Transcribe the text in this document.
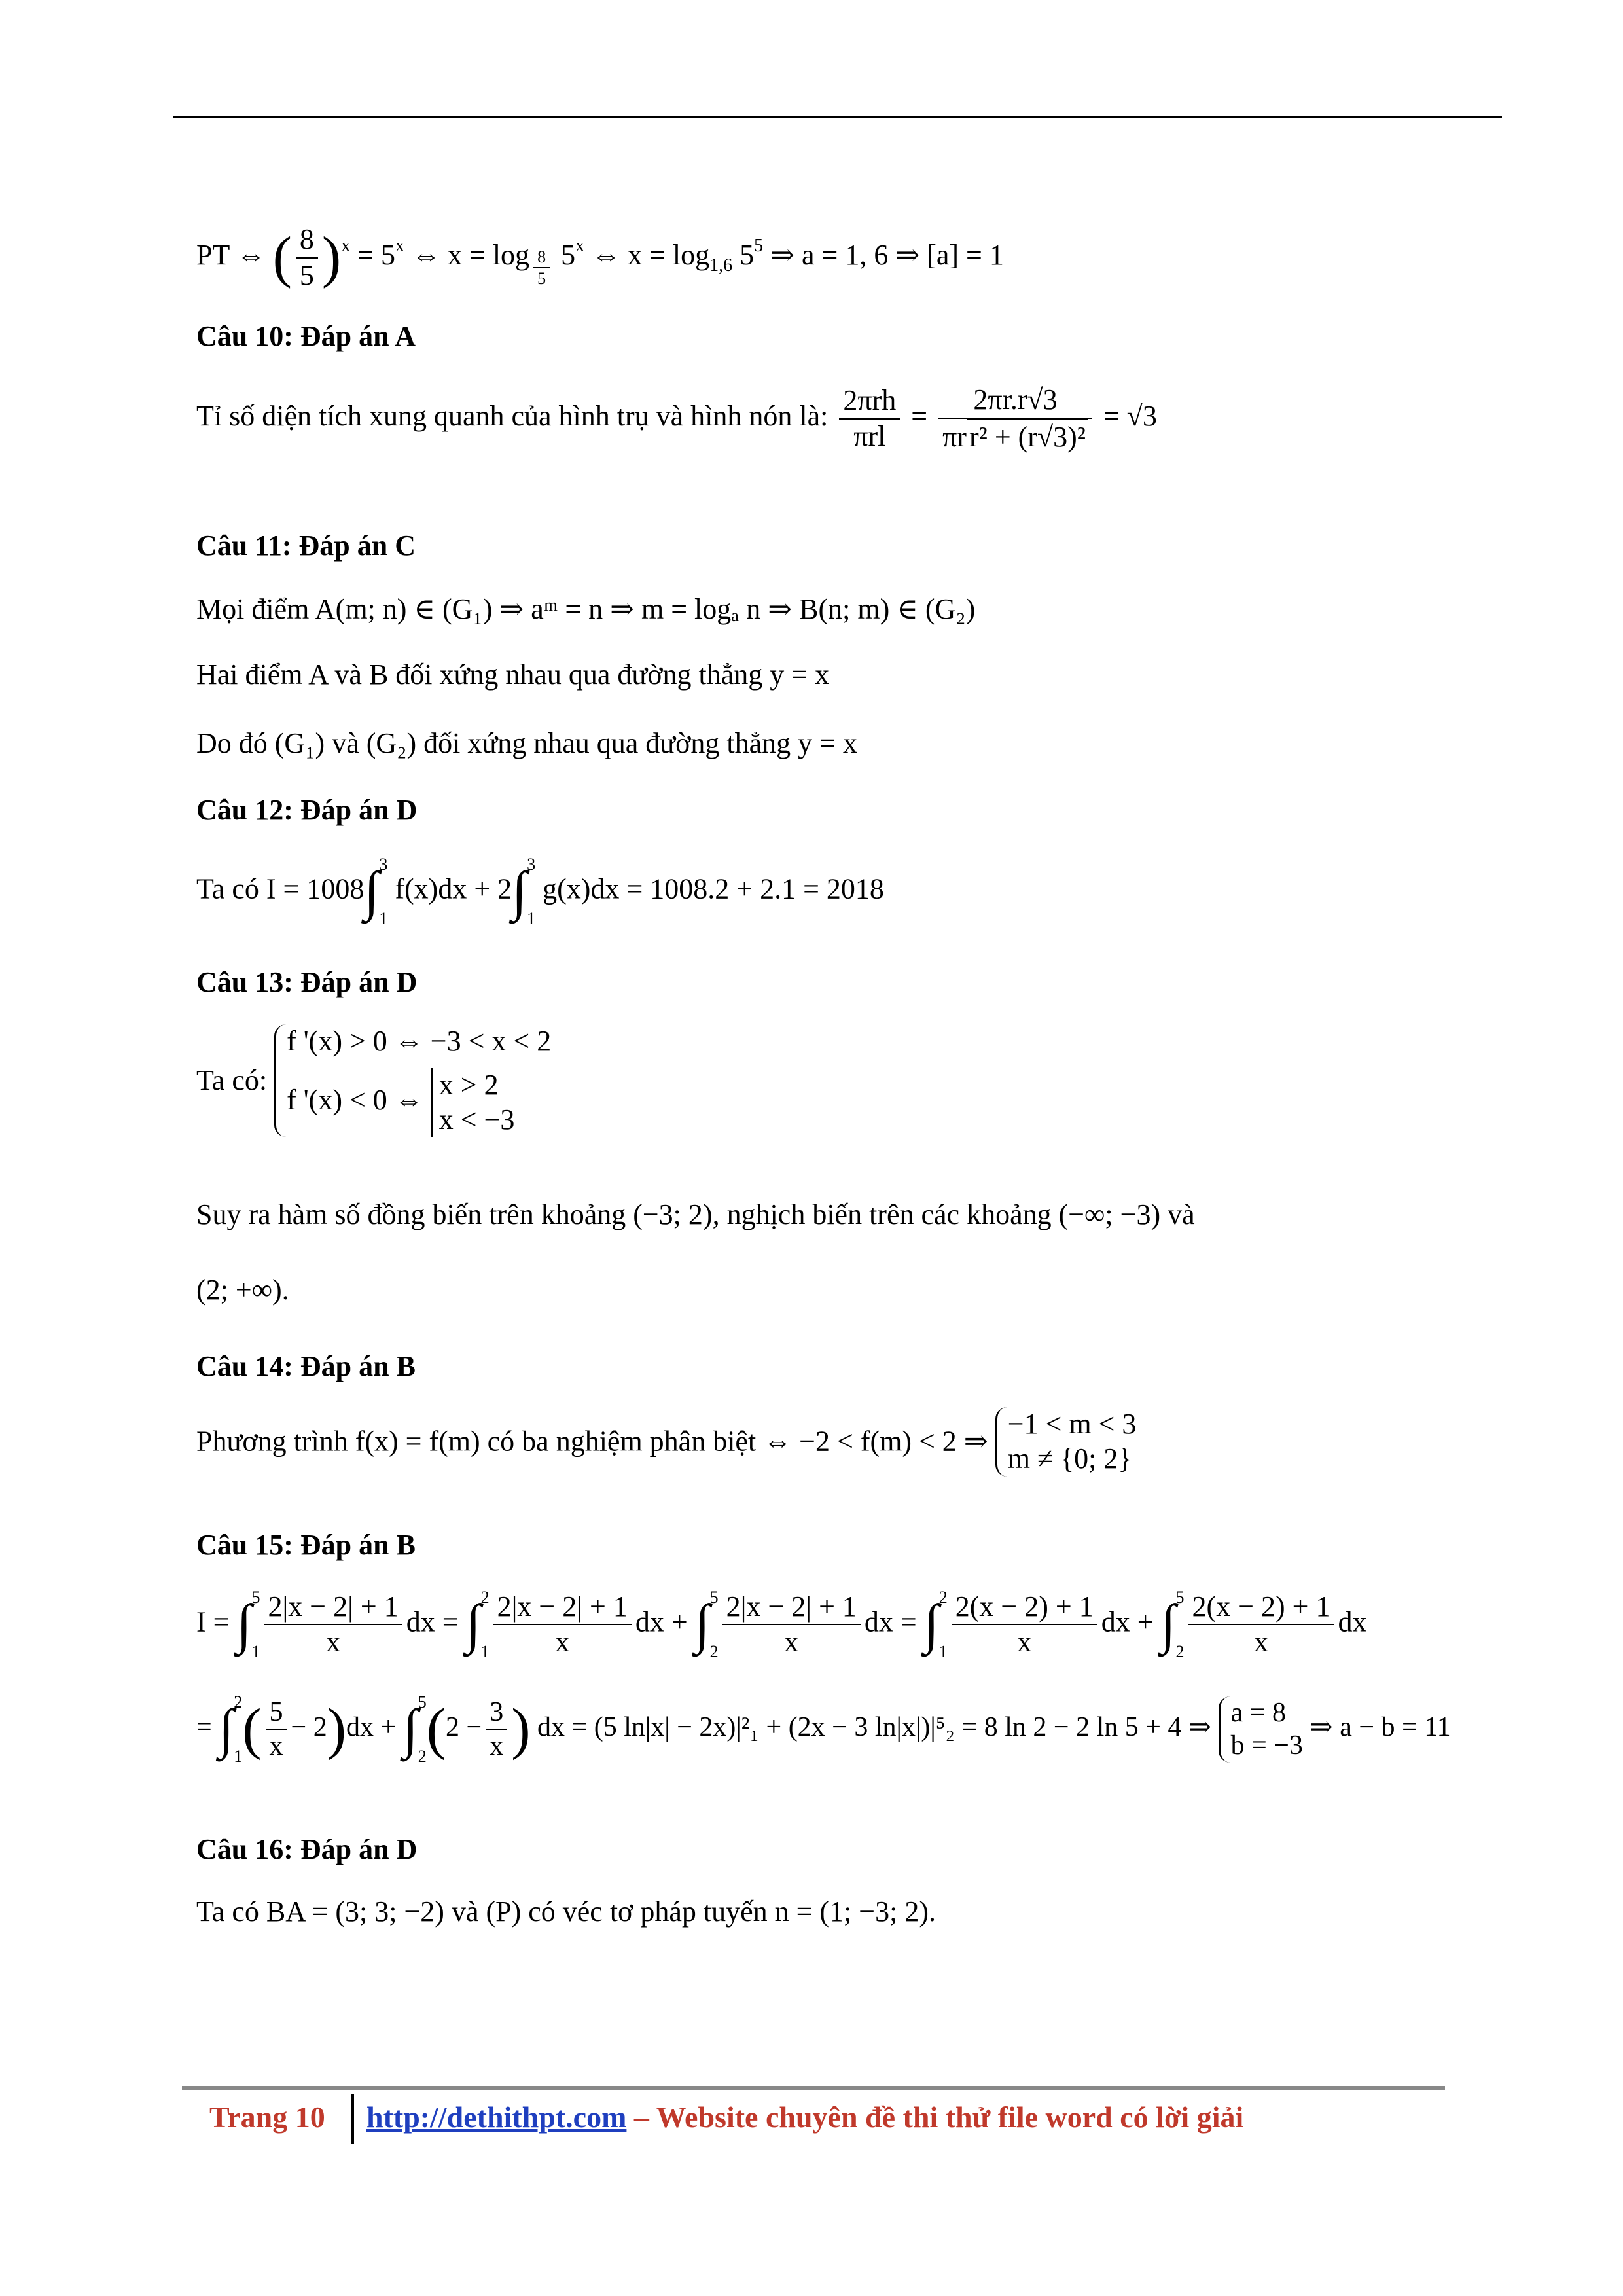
PT ⇔ ( $\frac{8}{5} )^x = 5^x$ ⇔ $x = \log \frac{8}{5} 5^x$ ⇔ $x = \log_{1,6} 5^5$ ⇒ a = 1, 6 ⇒ [a] = 1
Câu 10: Đáp án A
Tỉ số diện tích xung quanh của hình trụ và hình nón là: $\frac{\text{2πrh}}{\text{πrl}} = \frac{2\pi r.r√3}{\text{πrr² + (r√3)²}} = √3$
Câu 11: Đáp án C
Mọi điểm A(m; n) ∈ (G₁) ⇒ aᵐ = n ⇒ m = logₐ n ⇒ B(n; m) ∈ (G₂)
Hai điểm A và B đối xứng nhau qua đường thẳng y = x
Do đó (G₁) và (G₂) đối xứng nhau qua đường thẳng y = x
Câu 12: Đáp án D
Ta có I = 1008∫3

1 f(x)dx + 2∫3

1 g(x)dx = 1008.2 + 2.1 = 2018
Câu 13: Đáp án D
Ta có:
f '(x) > 0 ⇔ −3 < x < 2
f '(x) < 0 ⇔ x > 2
x < −3
Suy ra hàm số đồng biến trên khoảng (−3; 2), nghịch biến trên các khoảng (−∞; −3) và
(2; +∞).
Câu 14: Đáp án B
Phương trình f(x) = f(m) có ba nghiệm phân biệt ⇔ −2 < f(m) < 2 ⇒
−1 < m < 3
m ≠ {0; 2}
Câu 15: Đáp án B
I = ∫5

$1 \frac{2|x - 2| + 1}{x}$ dx = ∫2

$1 \frac{2|x - 2| + 1}{x}$ dx + ∫5

$2 \frac{2|x - 2| + 1}{x}$ dx = ∫2

$1 \frac{2(x - 2) + 1}{x}$ dx + ∫5

$2 \frac{2(x - 2) + 1}{x}$ dx
= ∫2

$1( \frac{5}{x} - 2)dx + \int 5$

$2(2 - \frac{3}{x}$ ) dx = (5 ln|x| − 2x)|²₁ + (2x − 3 ln|x|)|⁵₂ = 8 ln 2 − 2 ln 5 + 4 ⇒ a = 8
b = −3
⇒ a − b = 11
Câu 16: Đáp án D
Ta có BA = (3; 3; −2) và (P) có véc tơ pháp tuyến n = (1; −3; 2).
Trang 10 http://dethithpt.com – Website chuyên đề thi thử file word có lời giải
